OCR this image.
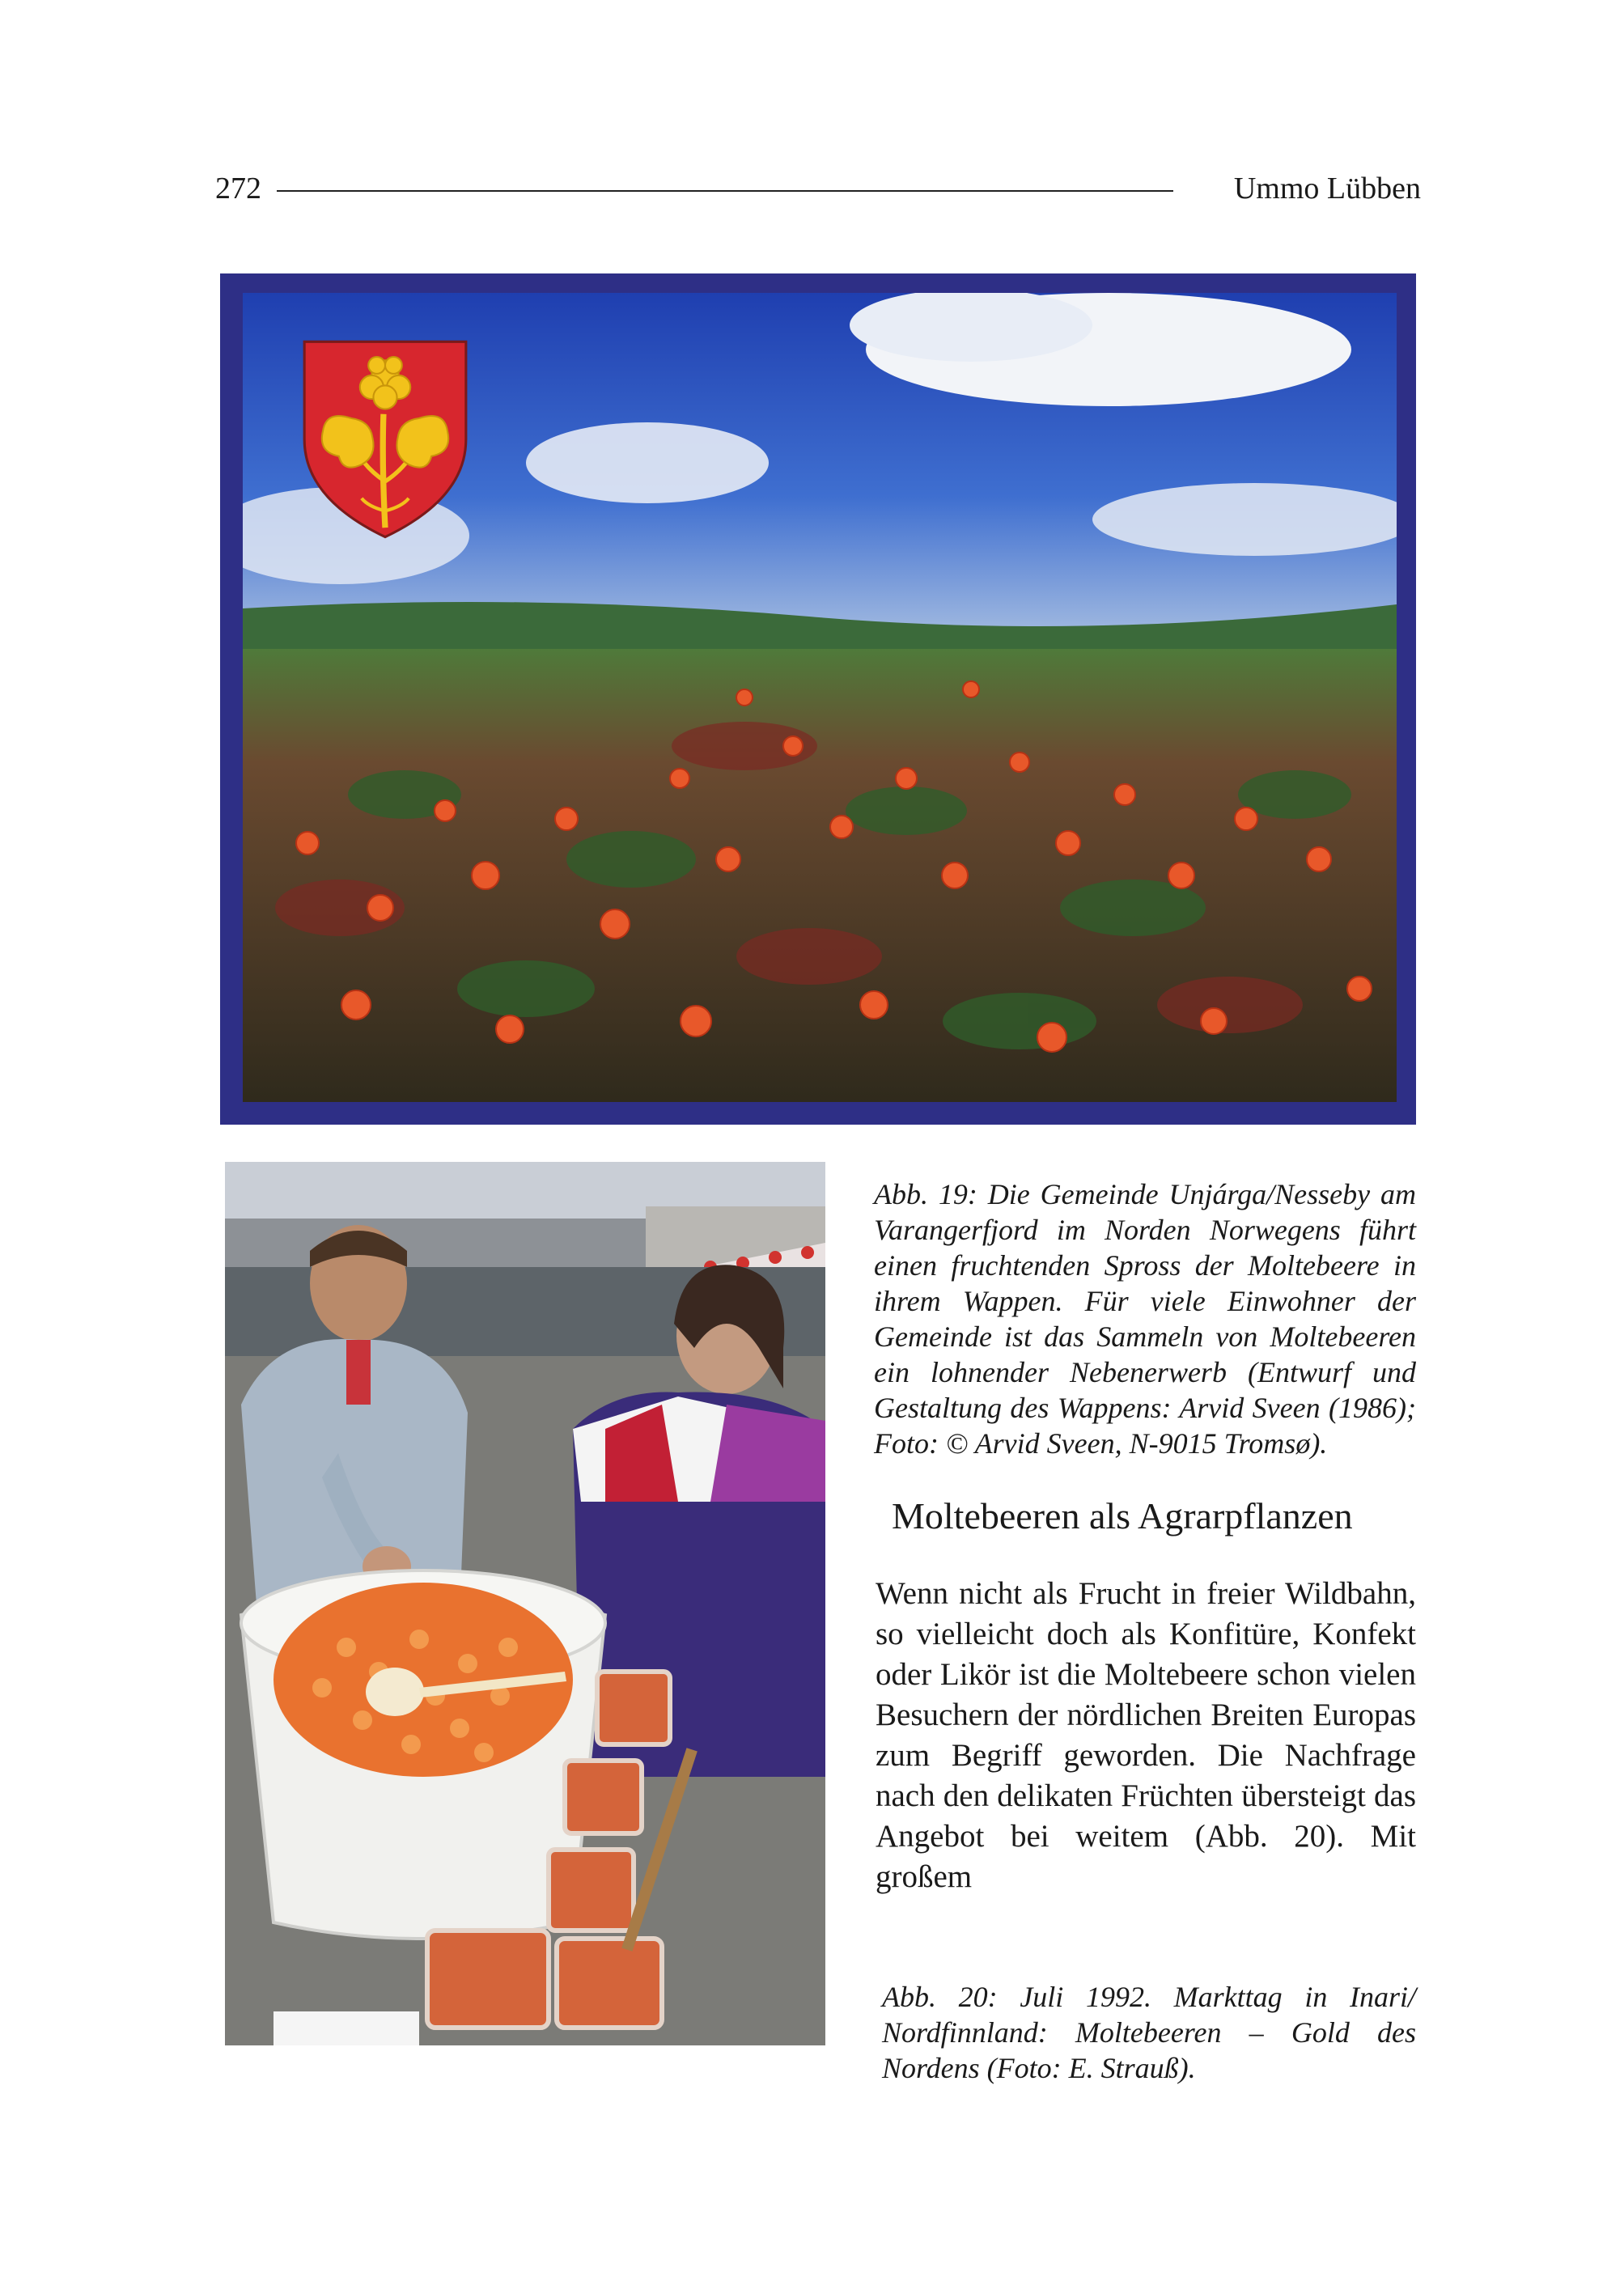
272	Ummo Lübben

Abb. 19: Die Gemeinde Unjárga/Nesseby am Varangerfjord im Norden Norwegens führt einen fruchtenden Spross der Moltebeere in ihrem Wappen. Für viele Einwohner der Gemeinde ist das Sammeln von Moltebeeren ein lohnender Nebenerwerb (Entwurf und Gestaltung des Wappens: Arvid Sveen (1986); Foto: © Arvid Sveen, N-9015 Tromsø).

Moltebeeren als Agrarpflanzen

Wenn nicht als Frucht in freier Wildbahn, so vielleicht doch als Konfitüre, Konfekt oder Likör ist die Moltebeere schon vielen Besuchern der nördlichen Breiten Europas zum Begriff geworden. Die Nachfrage nach den delikaten Früchten übersteigt das Angebot bei weitem (Abb. 20). Mit großem

Abb. 20: Juli 1992. Markttag in Inari/ Nordfinnland: Moltebeeren – Gold des Nordens (Foto: E. Strauß).
